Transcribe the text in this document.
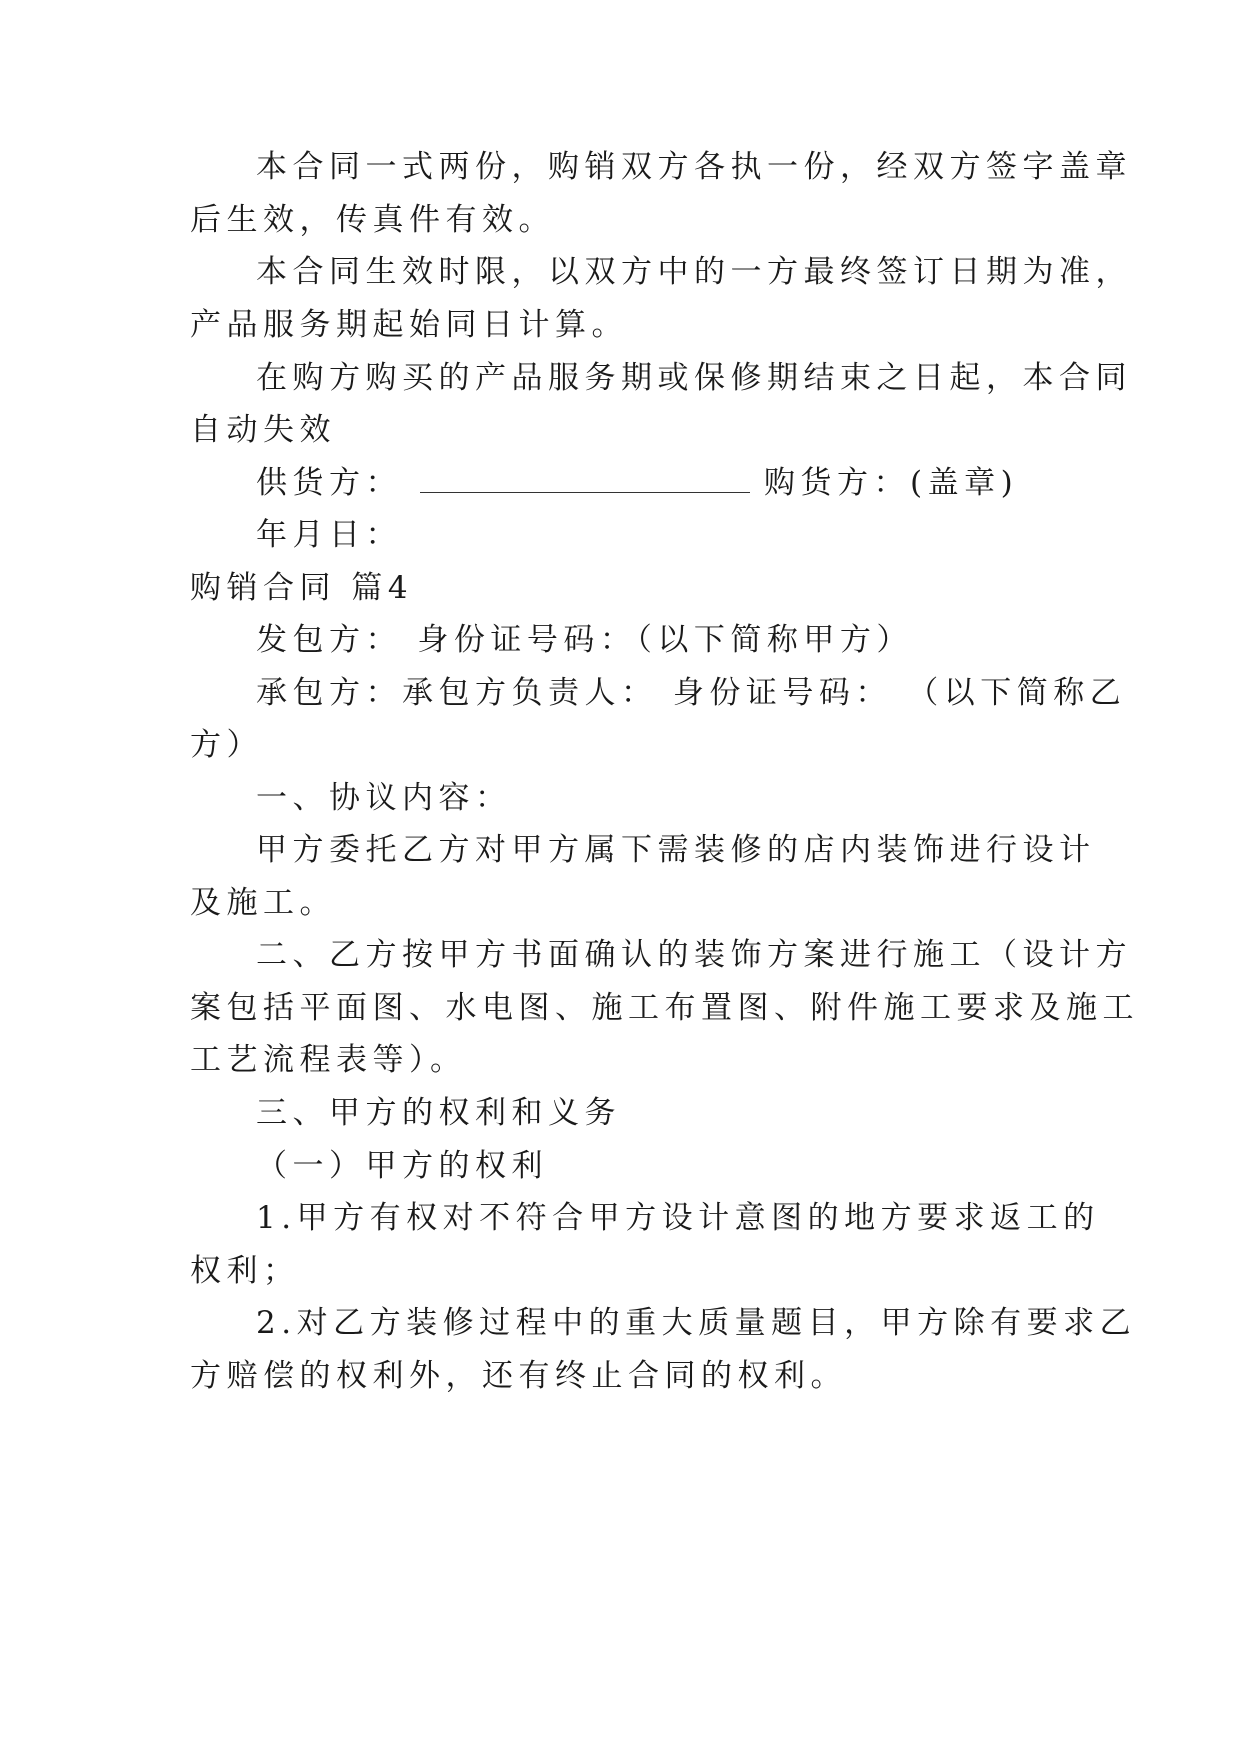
本合同一式两份，购销双方各执一份，经双方签字盖章
后生效，传真件有效。
本合同生效时限，以双方中的一方最终签订日期为准，
产品服务期起始同日计算。
在购方购买的产品服务期或保修期结束之日起，本合同
自动失效
供货方：	购货方：(盖章)
年月日：
购销合同 篇4
发包方： 身份证号码：（以下简称甲方）
承包方：承包方负责人： 身份证号码： （以下简称乙
方）
一、协议内容：
甲方委托乙方对甲方属下需装修的店内装饰进行设计
及施工。
二、乙方按甲方书面确认的装饰方案进行施工（设计方
案包括平面图、水电图、施工布置图、附件施工要求及施工
工艺流程表等）。
三、甲方的权利和义务
（一）甲方的权利
1.甲方有权对不符合甲方设计意图的地方要求返工的
权利；
2.对乙方装修过程中的重大质量题目，甲方除有要求乙
方赔偿的权利外，还有终止合同的权利。
